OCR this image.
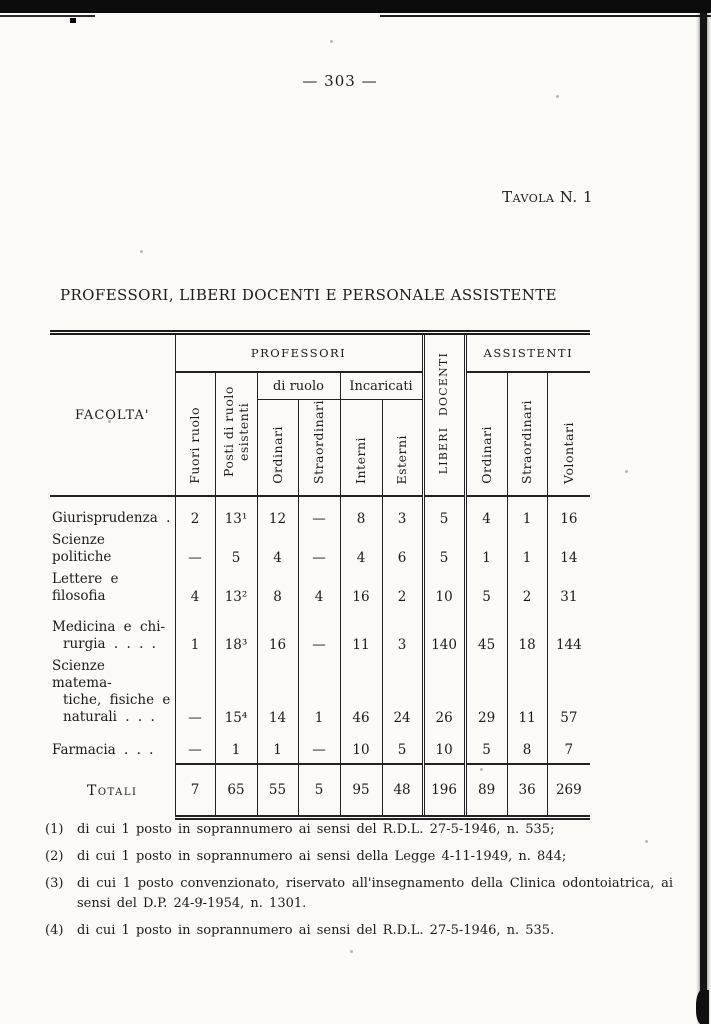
— 303 —
Tavola N. 1
PROFESSORI, LIBERI DOCENTI E PERSONALE ASSISTENTE
FACOLTA'	PROFESSORI						LIBERI DOCENTI	ASSISTENTI		
	Fuori ruolo	Posti di ruolo esistenti	di ruolo		Incaricati			Ordinari	Straordinari	Volontari
			Ordinari	Straordinari	Interni	Esterni				

Giurisprudenza .	2	13¹	12	—	8	3	5	4	1	16

Scienze politiche	—	5	4	—	4	6	5	1	1	14

Lettere e filosofia	4	13²	8	4	16	2	10	5	2	31

Medicina e chi-
rurgia . . . .	1	18³	16	—	11	3	140	45	18	144

Scienze matema-
tiche, fisiche e
naturali . . .	—	15⁴	14	1	46	24	26	29	11	57

Farmacia . . .	—	1	1	—	10	5	10	5	8	7
Totali	7	65	55	5	95	48	196	89	36	269
(1)	di cui 1 posto in soprannumero ai sensi del R.D.L. 27-5-1946, n. 535;
(2)	di cui 1 posto in soprannumero ai sensi della Legge 4-11-1949, n. 844;
(3)	di cui 1 posto convenzionato, riservato all'insegnamento della Clinica odontoiatrica, ai sensi del D.P. 24-9-1954, n. 1301.
(4)	di cui 1 posto in soprannumero ai sensi del R.D.L. 27-5-1946, n. 535.
